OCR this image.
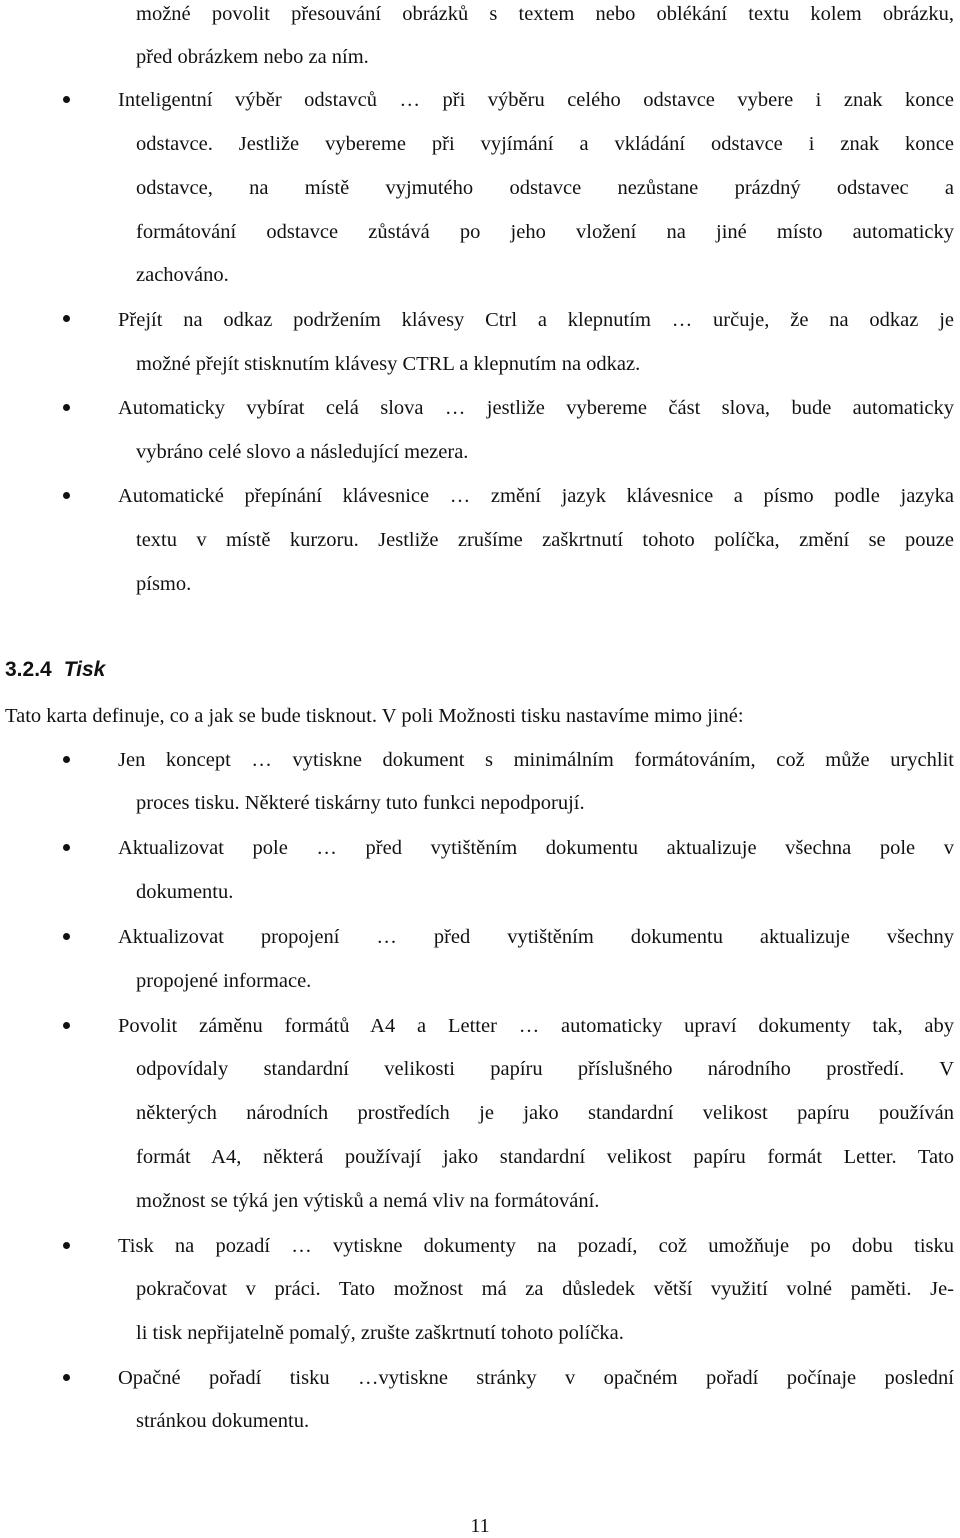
možné povolit přesouvání obrázků s textem nebo oblékání textu kolem obrázku,
před obrázkem nebo za ním.
Inteligentní výběr odstavců … při výběru celého odstavce vybere i znak konce
odstavce. Jestliže vybereme při vyjímání a vkládání odstavce i znak konce
odstavce, na místě vyjmutého odstavce nezůstane prázdný odstavec a
formátování odstavce zůstává po jeho vložení na jiné místo automaticky
zachováno.
Přejít na odkaz podržením klávesy Ctrl a klepnutím … určuje, že na odkaz je
možné přejít stisknutím klávesy CTRL a klepnutím na odkaz.
Automaticky vybírat celá slova … jestliže vybereme část slova, bude automaticky
vybráno celé slovo a následující mezera.
Automatické přepínání klávesnice … změní jazyk klávesnice a písmo podle jazyka
textu v místě kurzoru. Jestliže zrušíme zaškrtnutí tohoto políčka, změní se pouze
písmo.
3.2.4 Tisk
Tato karta definuje, co a jak se bude tisknout. V poli Možnosti tisku nastavíme mimo jiné:
Jen koncept … vytiskne dokument s minimálním formátováním, což může urychlit
proces tisku. Některé tiskárny tuto funkci nepodporují.
Aktualizovat pole … před vytištěním dokumentu aktualizuje všechna pole v
dokumentu.
Aktualizovat propojení … před vytištěním dokumentu aktualizuje všechny
propojené informace.
Povolit záměnu formátů A4 a Letter … automaticky upraví dokumenty tak, aby
odpovídaly standardní velikosti papíru příslušného národního prostředí. V
některých národních prostředích je jako standardní velikost papíru používán
formát A4, některá používají jako standardní velikost papíru formát Letter. Tato
možnost se týká jen výtisků a nemá vliv na formátování.
Tisk na pozadí … vytiskne dokumenty na pozadí, což umožňuje po dobu tisku
pokračovat v práci. Tato možnost má za důsledek větší využití volné paměti. Je-
li tisk nepřijatelně pomalý, zrušte zaškrtnutí tohoto políčka.
Opačné pořadí tisku …vytiskne stránky v opačném pořadí počínaje poslední
stránkou dokumentu.
11
